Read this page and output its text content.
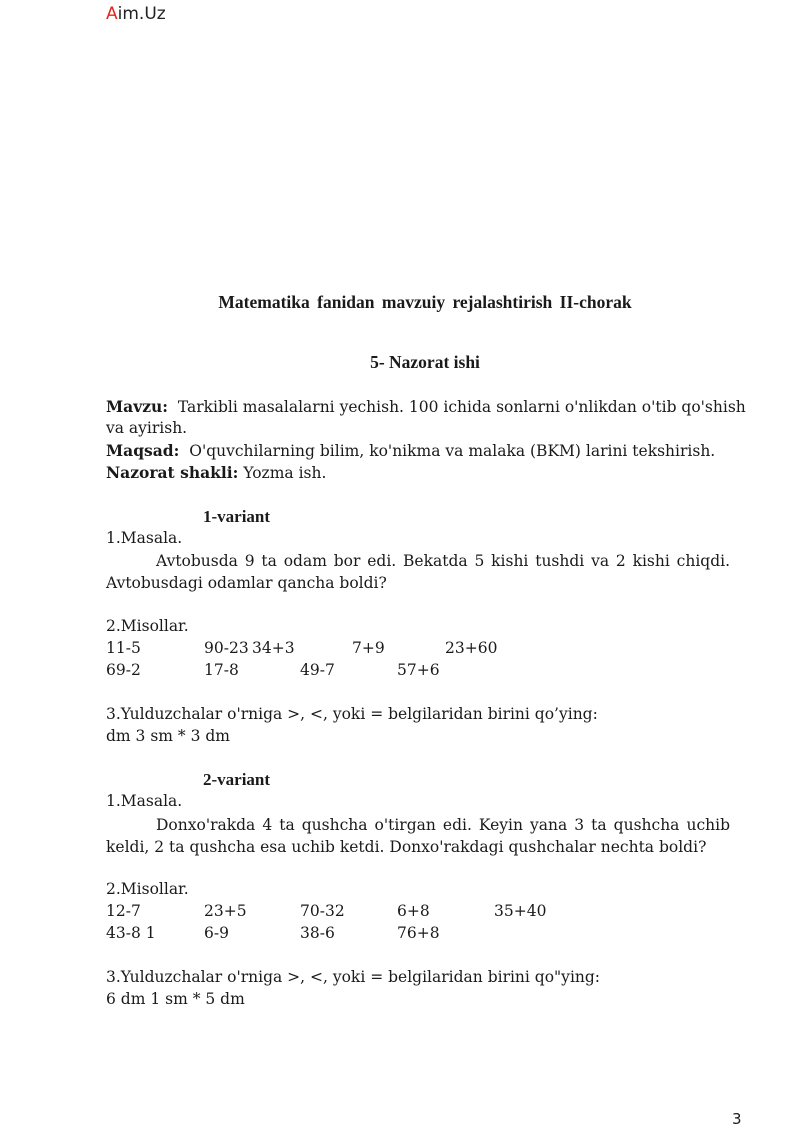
Aim.Uz
Matematika fanidan mavzuiy rejalashtirish II-chorak
5- Nazorat ishi
Mavzu: Tarkibli masalalarni yechish. 100 ichida sonlarni o'nlikdan o'tib qo'shish
va ayirish.
Maqsad: O'quvchilarning bilim, ko'nikma va malaka (BKM) larini tekshirish.
Nazorat shakli: Yozma ish.
1-variant
1.Masala.
Avtobusda 9 ta odam bor edi. Bekatda 5 kishi tushdi va 2 kishi chiqdi. Avtobusdagi odamlar qancha boldi?
2.Misollar.
11-5	90-23 34+3	7+9	23+60
69-2	17-8	49-7	57+6
3.Yulduzchalar o'rniga >, <, yoki = belgilaridan birini qo’ying:
dm 3 sm * 3 dm
2-variant
1.Masala.
Donxo'rakda 4 ta qushcha o'tirgan edi. Keyin yana 3 ta qushcha uchib keldi, 2 ta qushcha esa uchib ketdi. Donxo'rakdagi qushchalar nechta boldi?
2.Misollar.
12-7	23+5	70-32	6+8	35+40
43-8 1	6-9	38-6	76+8
3.Yulduzchalar o'rniga >, <, yoki = belgilaridan birini qo"ying:
6 dm 1 sm * 5 dm
3
